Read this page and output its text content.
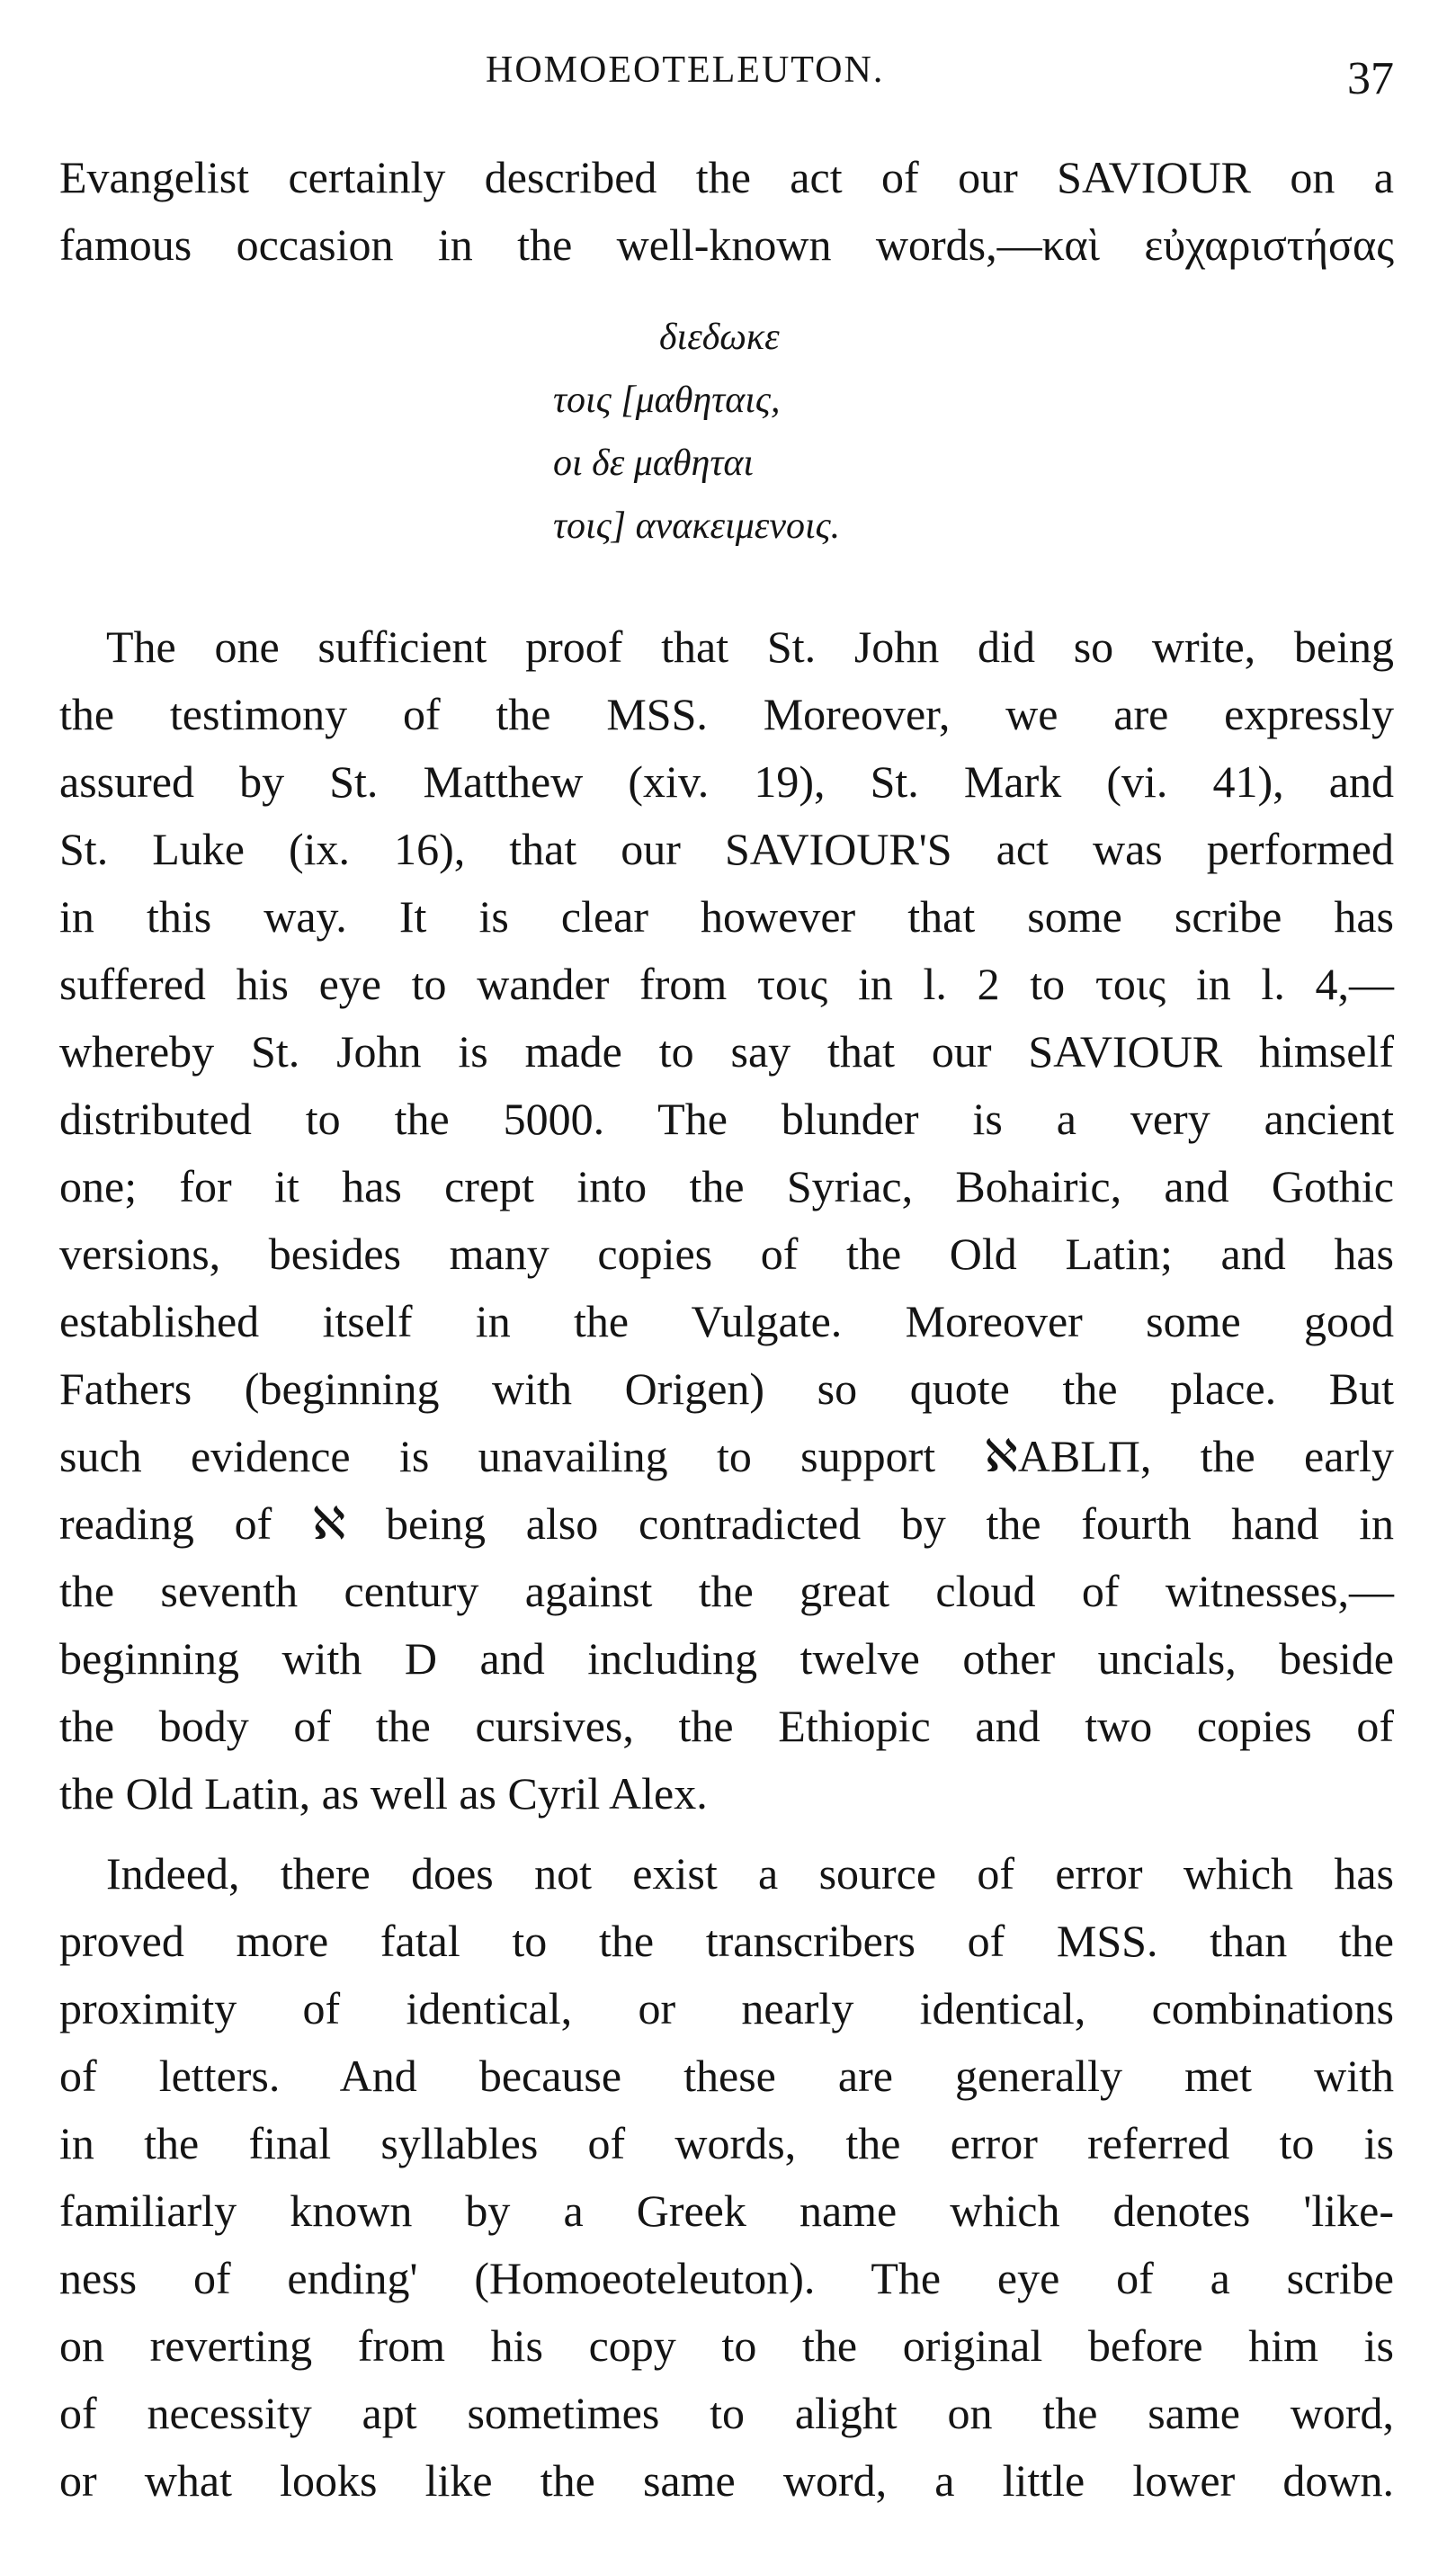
HOMOEOTELEUTON.	37
Evangelist certainly described the act of our SAVIOUR on a
famous occasion in the well-known words,—καὶ εὐχαριστήσας
διεδωκε
τοις [μαθηταις,
οι δε μαθηται
τοις] ανακειμενοις.
The one sufficient proof that St. John did so write, being
the testimony of the MSS. Moreover, we are expressly
assured by St. Matthew (xiv. 19), St. Mark (vi. 41), and
St. Luke (ix. 16), that our SAVIOUR'S act was performed
in this way. It is clear however that some scribe has
suffered his eye to wander from τοις in l. 2 to τοις in l. 4,—
whereby St. John is made to say that our SAVIOUR himself
distributed to the 5000. The blunder is a very ancient
one; for it has crept into the Syriac, Bohairic, and Gothic
versions, besides many copies of the Old Latin; and has
established itself in the Vulgate. Moreover some good
Fathers (beginning with Origen) so quote the place. But
such evidence is unavailing to support ℵABLΠ, the early
reading of ℵ being also contradicted by the fourth hand in
the seventh century against the great cloud of witnesses,—
beginning with D and including twelve other uncials, beside
the body of the cursives, the Ethiopic and two copies of
the Old Latin, as well as Cyril Alex.
Indeed, there does not exist a source of error which has
proved more fatal to the transcribers of MSS. than the
proximity of identical, or nearly identical, combinations
of letters. And because these are generally met with
in the final syllables of words, the error referred to is
familiarly known by a Greek name which denotes 'like-
ness of ending' (Homoeoteleuton). The eye of a scribe
on reverting from his copy to the original before him is
of necessity apt sometimes to alight on the same word,
or what looks like the same word, a little lower down.
